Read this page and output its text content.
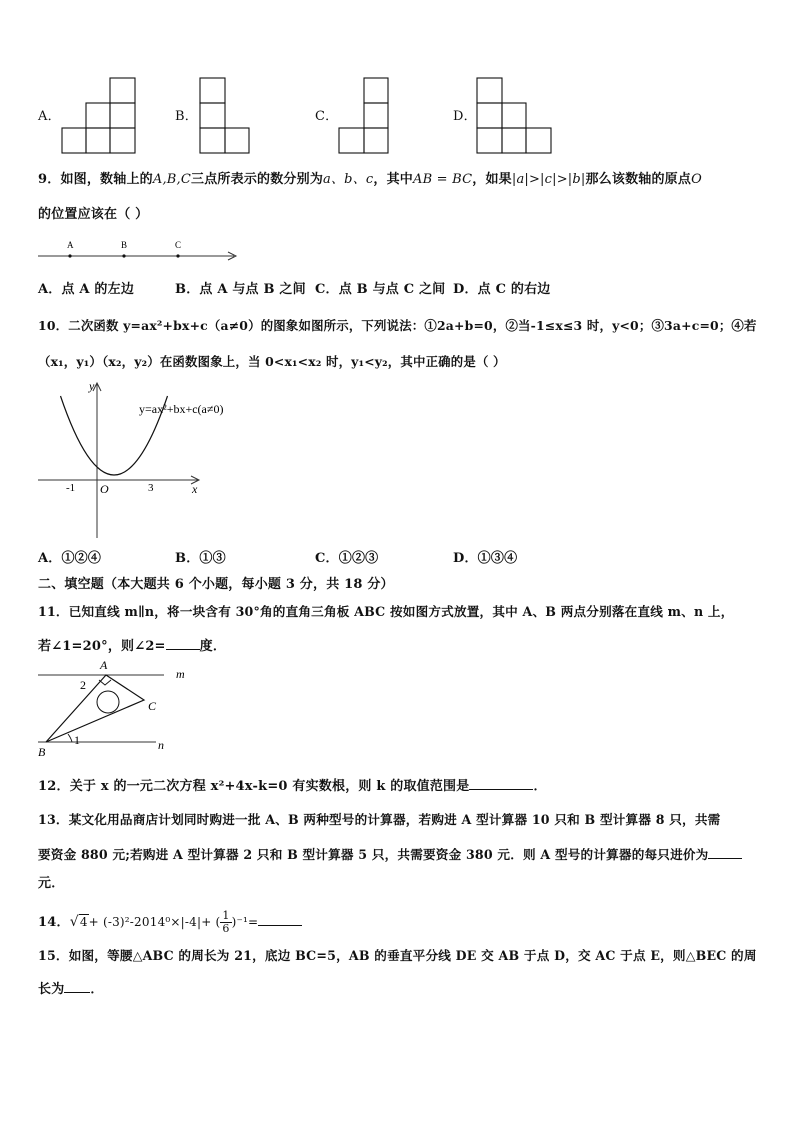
A．	B．	C．	D．
9．如图，数轴上的A,B,C三点所表示的数分别为a、b、c，其中AB = BC，如果|a|>|c|>|b|那么该数轴的原点O
的位置应该在（ ）
A	B	C
A．点 A 的左边	B．点 A 与点 B 之间 C．点 B 与点 C 之间 D．点 C 的右边
10．二次函数 y=ax²+bx+c（a≠0）的图象如图所示，下列说法：①2a+b=0，②当-1≤x≤3 时，y<0；③3a+c=0；④若
（x₁，y₁）（x₂，y₂）在函数图象上，当 0<x₁<x₂ 时，y₁<y₂，其中正确的是（ ）
y
x
O
-1	3
y=ax²+bx+c(a≠0)
A．①②④	B．①③	C．①②③	D．①③④
二、填空题（本大题共 6 个小题，每小题 3 分，共 18 分）
11．已知直线 m∥n，将一块含有 30°角的直角三角板 ABC 按如图方式放置，其中 A、B 两点分别落在直线 m、n 上，
若∠1=20°，则∠2=	度．
A
C
B
m
n
2
1
12．关于 x 的一元二次方程 x²+4x-k=0 有实数根，则 k 的取值范围是	．
13．某文化用品商店计划同时购进一批 A、B 两种型号的计算器，若购进 A 型计算器 10 只和 B 型计算器 8 只，共需
要资金 880 元;若购进 A 型计算器 2 只和 B 型计算器 5 只，共需要资金 380 元．则 A 型号的计算器的每只进价为
元．
14．√4+ (-3)²-2014⁰×|-4|+ ( $\frac{1}{6} )^{-1}=$
15．如图，等腰△ABC 的周长为 21，底边 BC=5，AB 的垂直平分线 DE 交 AB 于点 D，交 AC 于点 E，则△BEC 的周
长为 ．
